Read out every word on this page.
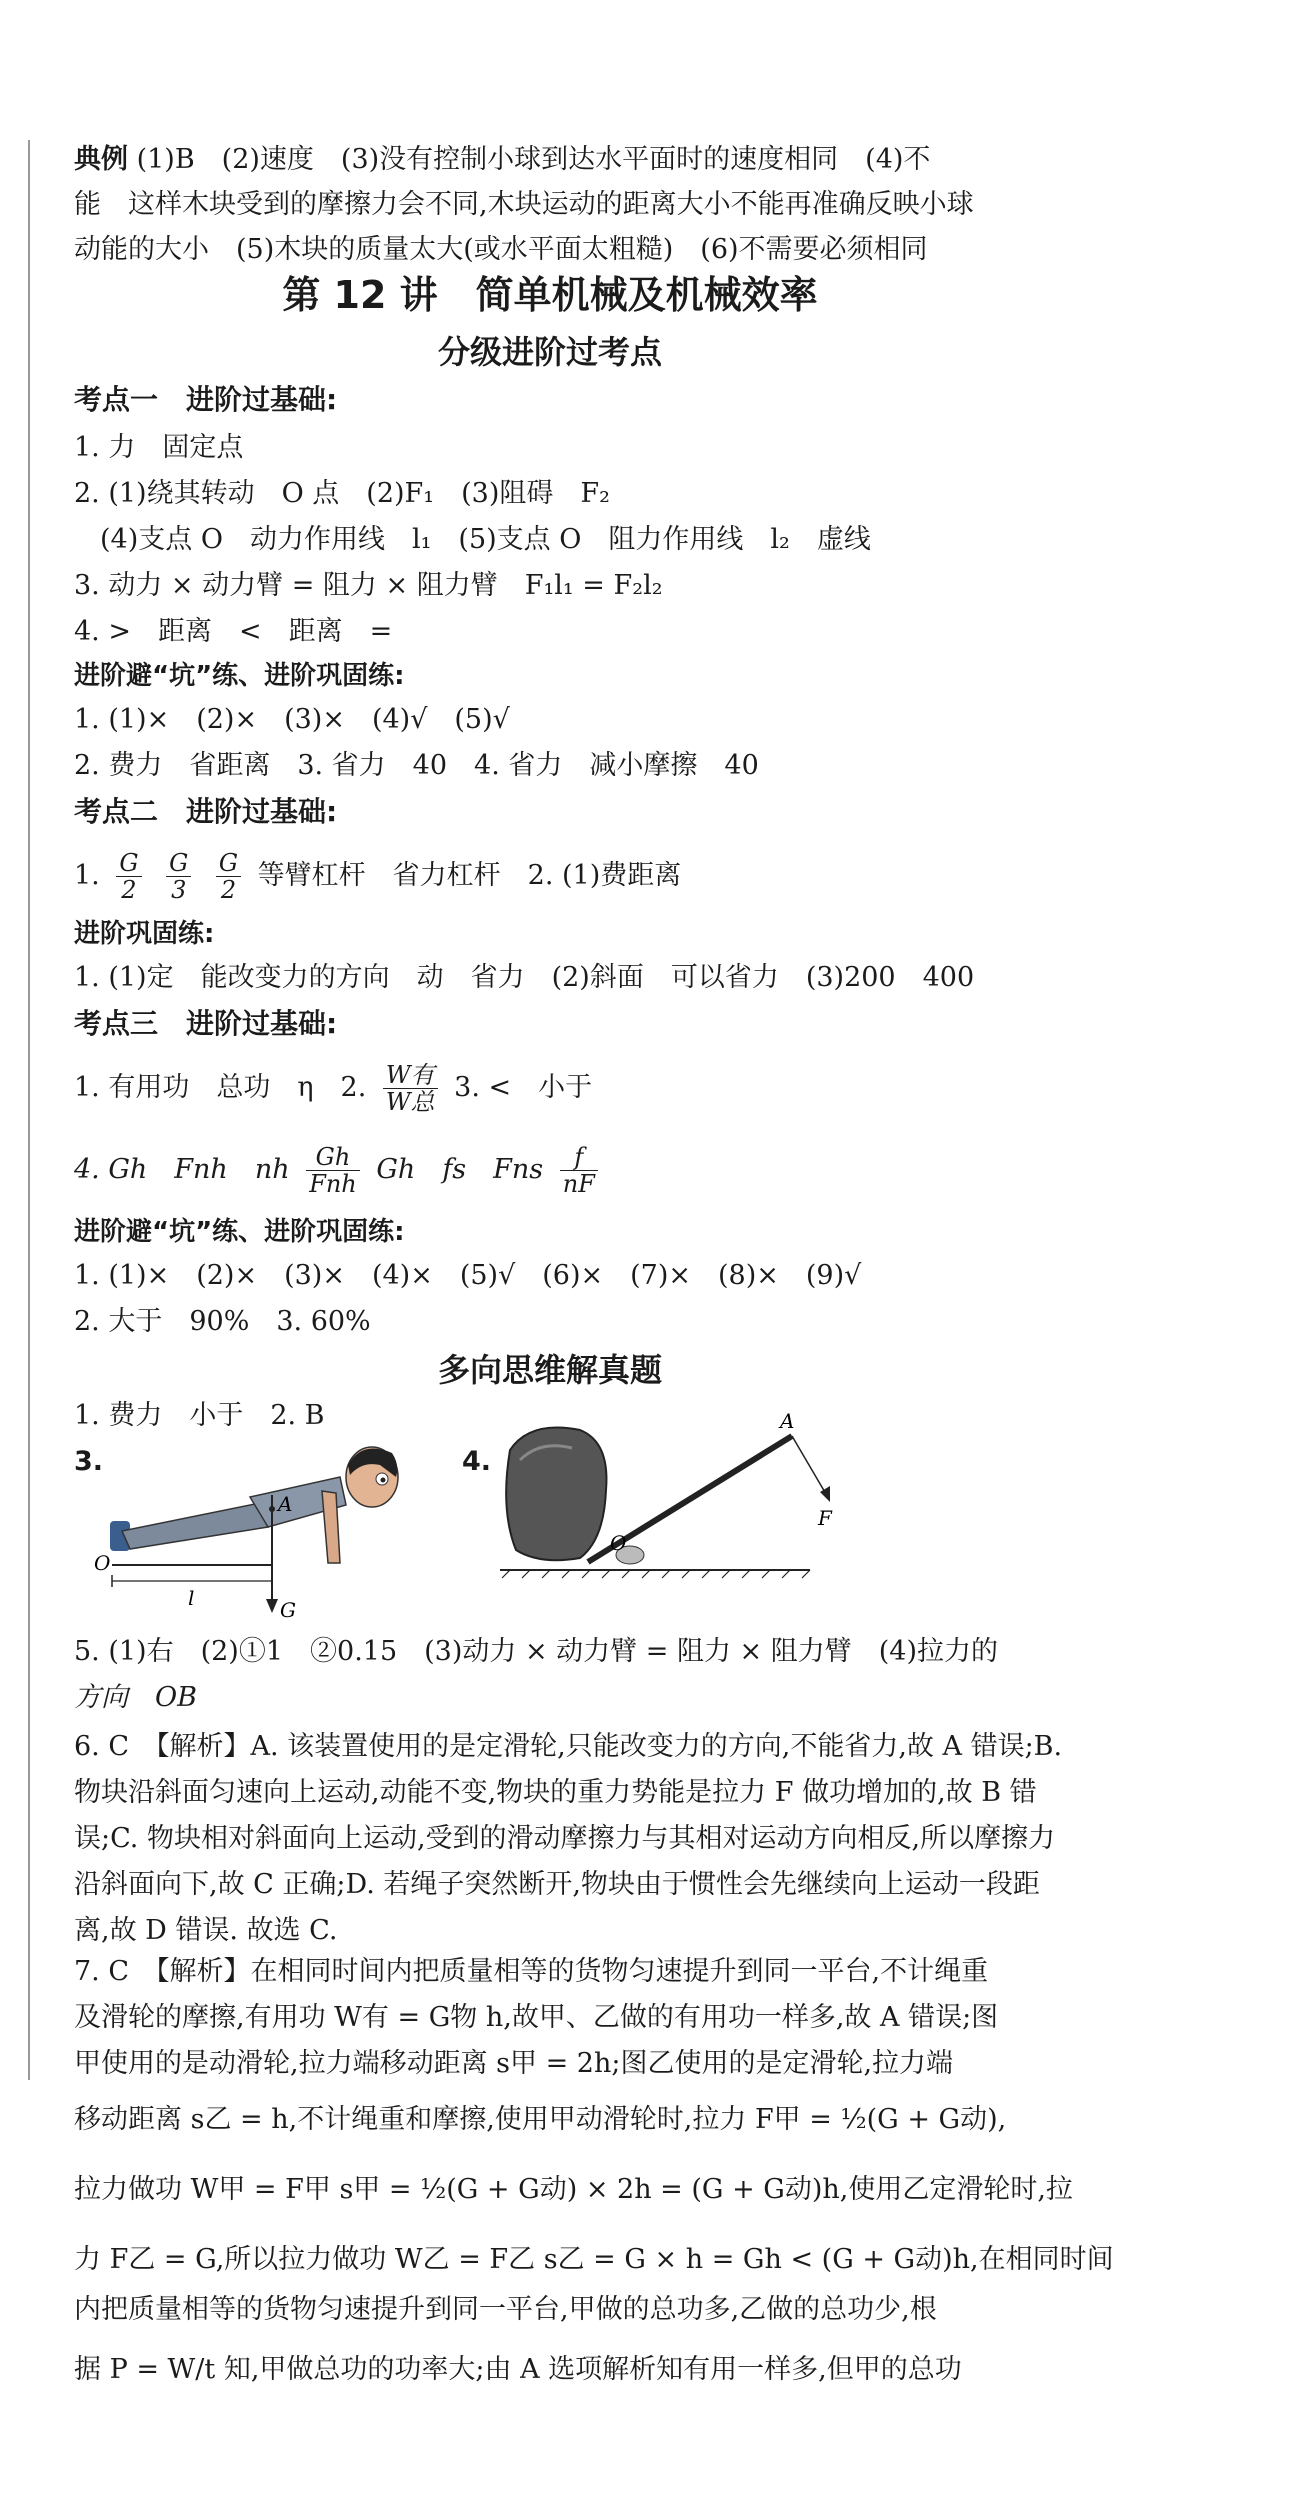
典例 (1)B　(2)速度　(3)没有控制小球到达水平面时的速度相同　(4)不
能　这样木块受到的摩擦力会不同,木块运动的距离大小不能再准确反映小球
动能的大小　(5)木块的质量太大(或水平面太粗糙)　(6)不需要必须相同
第 12 讲　简单机械及机械效率
分级进阶过考点
考点一　进阶过基础:
1. 力　固定点
2. (1)绕其转动　O 点　(2)F₁　(3)阻碍　F₂
(4)支点 O　动力作用线　l₁　(5)支点 O　阻力作用线　l₂　虚线
3. 动力 × 动力臂 = 阻力 × 阻力臂　F₁l₁ = F₂l₂
4. >　距离　<　距离　=
进阶避“坑”练、进阶巩固练:
1. (1)×　(2)×　(3)×　(4)√　(5)√
2. 费力　省距离　3. 省力　40　4. 省力　减小摩擦　40
考点二　进阶过基础:
1. $\frac{G}{2}$
$\frac{G}{3}$
$\frac{G}{2}$ 等臂杠杆　省力杠杆　2. (1)费距离
进阶巩固练:
1. (1)定　能改变力的方向　动　省力　(2)斜面　可以省力　(3)200　400
考点三　进阶过基础:
1. 有用功　总功　η　2. $\frac{\text{W有}}{\text{W总}} 3$. <　小于
4. Gh　Fnh　nh $\frac{Gh}{\text{Fnh}}$ Gh　fs　Fns $\frac{f}{nF}$
进阶避“坑”练、进阶巩固练:
1. (1)×　(2)×　(3)×　(4)×　(5)√　(6)×　(7)×　(8)×　(9)√
2. 大于　90%　3. 60%
多向思维解真题
1. 费力　小于　2. B
3.	4.
A
O
l	G
A
O
F
5. (1)右　(2)①1　②0.15　(3)动力 × 动力臂 = 阻力 × 阻力臂　(4)拉力的
方向　OB
6. C　【解析】A. 该装置使用的是定滑轮,只能改变力的方向,不能省力,故 A 错误;B. 物块沿斜面匀速向上运动,动能不变,物块的重力势能是拉力 F 做功增加的,故 B 错误;C. 物块相对斜面向上运动,受到的滑动摩擦力与其相对运动方向相反,所以摩擦力沿斜面向下,故 C 正确;D. 若绳子突然断开,物块由于惯性会先继续向上运动一段距离,故 D 错误. 故选 C.
7. C　【解析】在相同时间内把质量相等的货物匀速提升到同一平台,不计绳重
及滑轮的摩擦,有用功 W有 = G物 h,故甲、乙做的有用功一样多,故 A 错误;图
甲使用的是动滑轮,拉力端移动距离 s甲 = 2h;图乙使用的是定滑轮,拉力端
移动距离 s乙 = h,不计绳重和摩擦,使用甲动滑轮时,拉力 F甲 = ½(G + G动),
拉力做功 W甲 = F甲 s甲 = ½(G + G动) × 2h = (G + G动)h,使用乙定滑轮时,拉
力 F乙 = G,所以拉力做功 W乙 = F乙 s乙 = G × h = Gh < (G + G动)h,在相同时间
内把质量相等的货物匀速提升到同一平台,甲做的总功多,乙做的总功少,根
据 P = W/t 知,甲做总功的功率大;由 A 选项解析知有用一样多,但甲的总功
